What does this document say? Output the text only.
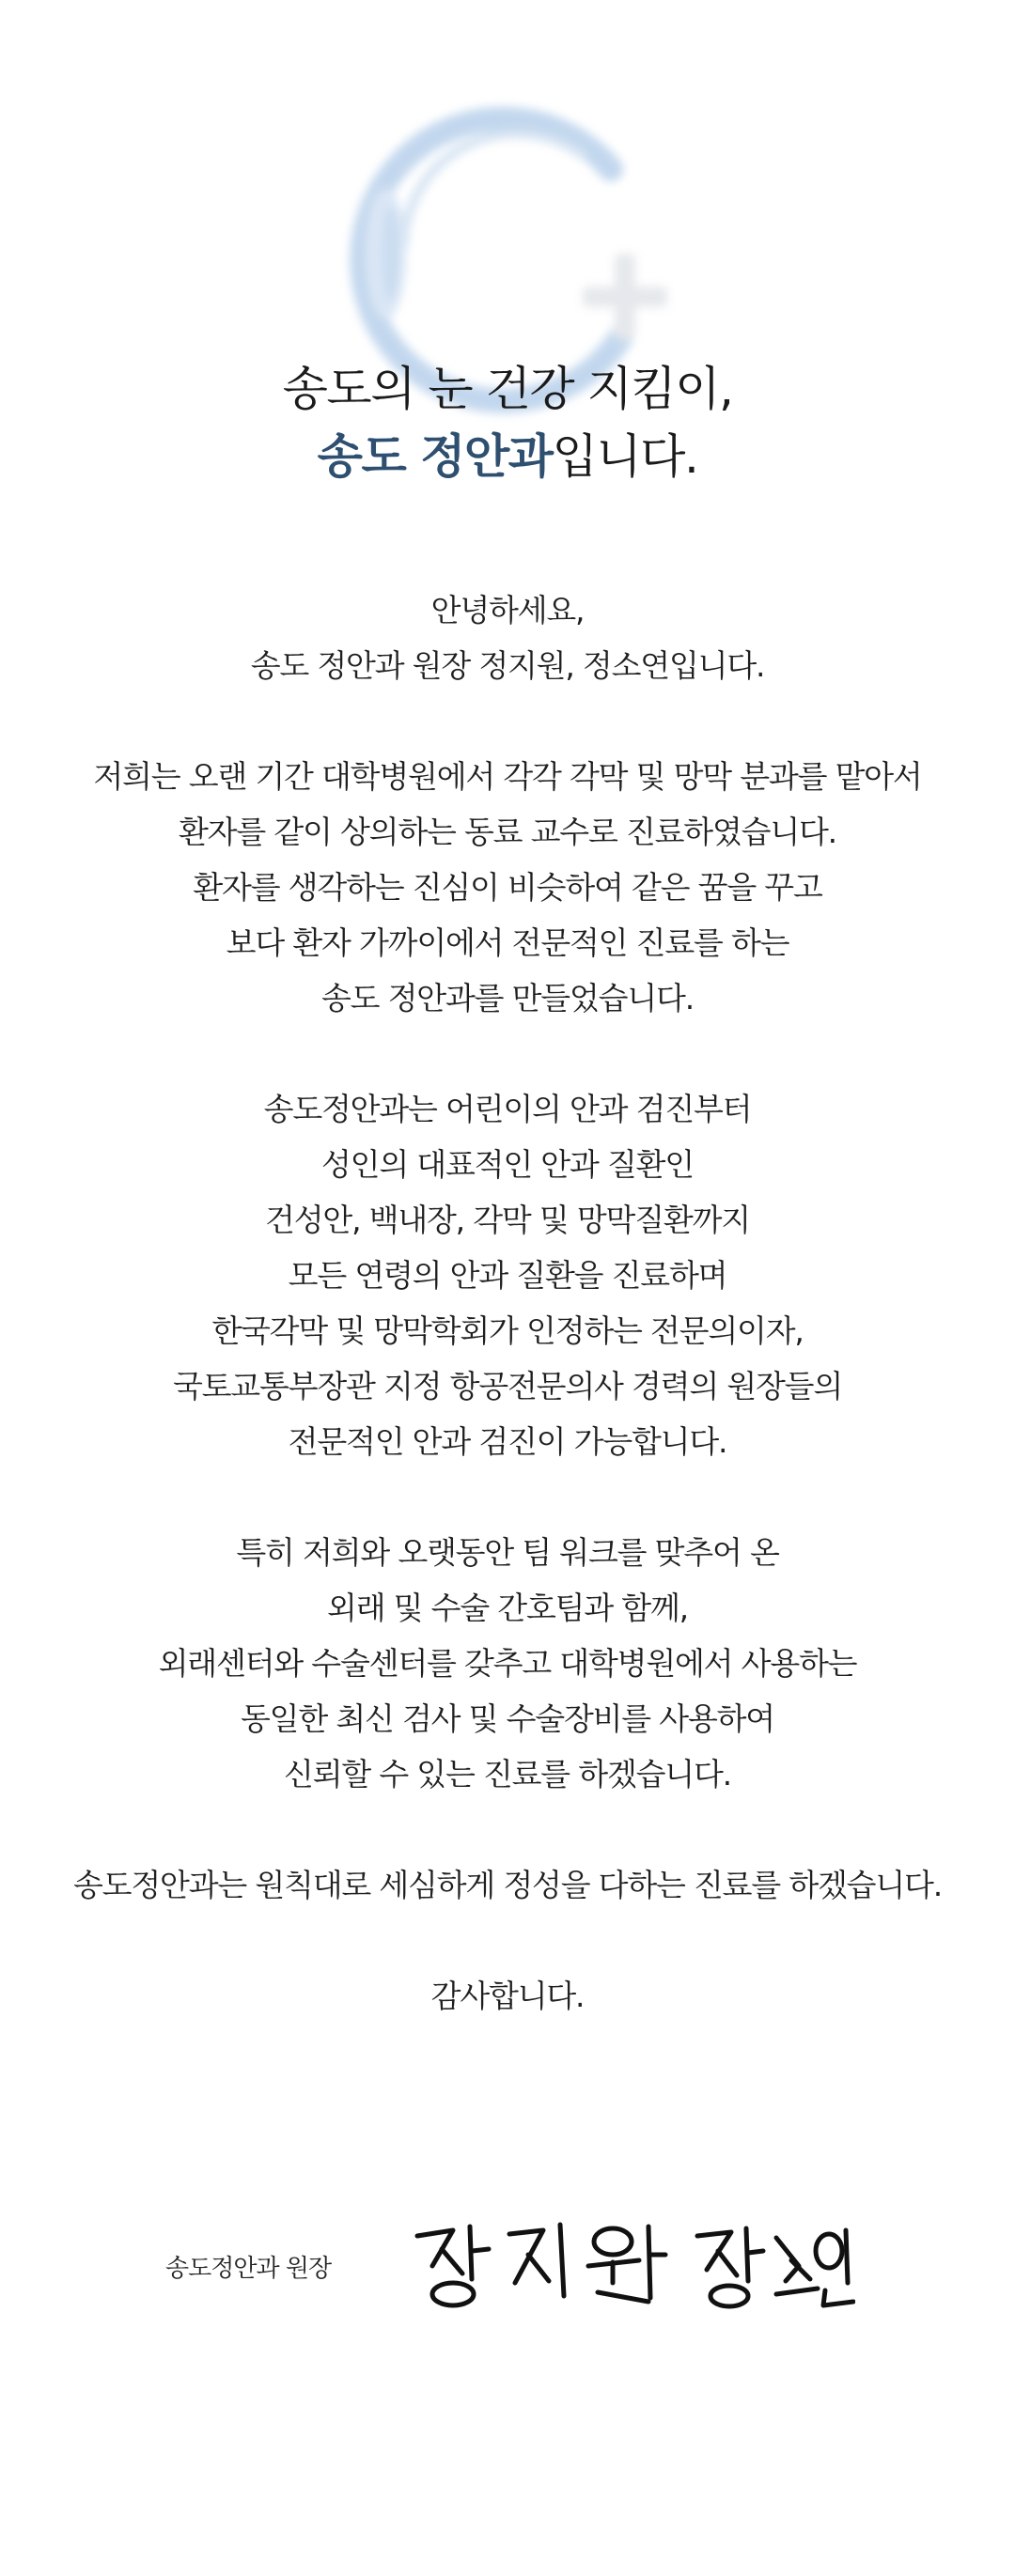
송도의 눈 건강 지킴이,
송도 정안과입니다.
안녕하세요,
송도 정안과 원장 정지원, 정소연입니다.
저희는 오랜 기간 대학병원에서 각각 각막 및 망막 분과를 맡아서
환자를 같이 상의하는 동료 교수로 진료하였습니다.
환자를 생각하는 진심이 비슷하여 같은 꿈을 꾸고
보다 환자 가까이에서 전문적인 진료를 하는
송도 정안과를 만들었습니다.
송도정안과는 어린이의 안과 검진부터
성인의 대표적인 안과 질환인
건성안, 백내장, 각막 및 망막질환까지
모든 연령의 안과 질환을 진료하며
한국각막 및 망막학회가 인정하는 전문의이자,
국토교통부장관 지정 항공전문의사 경력의 원장들의
전문적인 안과 검진이 가능합니다.
특히 저희와 오랫동안 팀 워크를 맞추어 온
외래 및 수술 간호팀과 함께,
외래센터와 수술센터를 갖추고 대학병원에서 사용하는
동일한 최신 검사 및 수술장비를 사용하여
신뢰할 수 있는 진료를 하겠습니다.
송도정안과는 원칙대로 세심하게 정성을 다하는 진료를 하겠습니다.
감사합니다.
송도정안과 원장
